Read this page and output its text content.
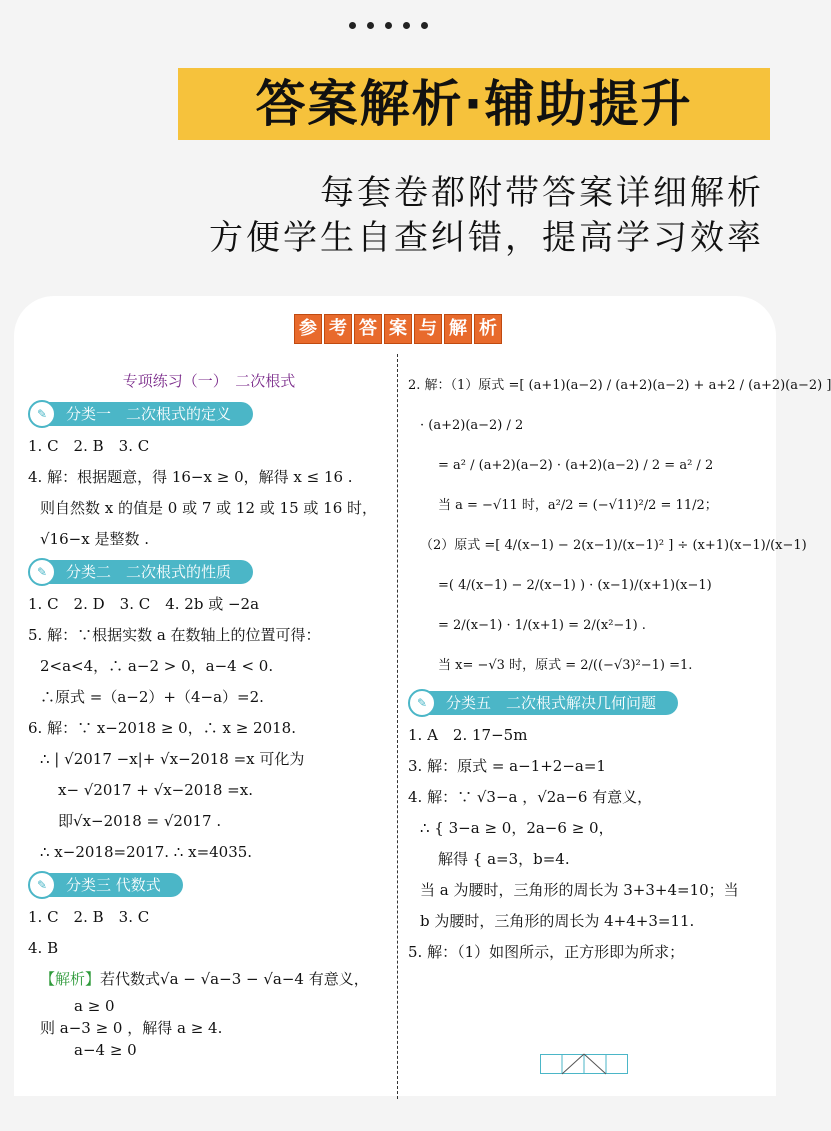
答案解析·辅助提升
每套卷都附带答案详细解析
方便学生自查纠错，提高学习效率
参 考 答 案 与 解 析
专项练习（一）　二次根式
✎	分类一　二次根式的定义
1. C　2. B　3. C
4. 解：根据题意，得 16−x ≥ 0，解得 x ≤ 16 .
则自然数 x 的值是 0 或 7 或 12 或 15 或 16 时，
√16−x 是整数 .
✎	分类二　二次根式的性质
1. C　2. D　3. C　4. 2b 或 −2a
5. 解：∵根据实数 a 在数轴上的位置可得：
2<a<4，∴ a−2 > 0，a−4 < 0.
∴原式 =（a−2）+（4−a）=2.
6. 解：∵ x−2018 ≥ 0，∴ x ≥ 2018.
∴ | √2017 −x|+ √x−2018 =x 可化为
x− √2017 + √x−2018 =x.
即√x−2018 = √2017 .
∴ x−2018=2017. ∴ x=4035.
✎	分类三 代数式
1. C　2. B　3. C
4. B
【解析】若代数式√a − √a−3 − √a−4 有意义，
a ≥ 0
则 a−3 ≥ 0 ，解得 a ≥ 4.
a−4 ≥ 0
2. 解：（1）原式 =[ (a+1)(a−2) / (a+2)(a−2) + a+2 / (a+2)(a−2) ]
· (a+2)(a−2) / 2
= a² / (a+2)(a−2) · (a+2)(a−2) / 2 = a² / 2
当 a = −√11 时，a²/2 = (−√11)²/2 = 11/2；
（2）原式 =[ 4/(x−1) − 2(x−1)/(x−1)² ] ÷ (x+1)(x−1)/(x−1)
=( 4/(x−1) − 2/(x−1) ) · (x−1)/(x+1)(x−1)
= 2/(x−1) · 1/(x+1) = 2/(x²−1) .
当 x= −√3 时，原式 = 2/((−√3)²−1) =1.
✎	分类五　二次根式解决几何问题
1. A　2. 17−5m
3. 解：原式 = a−1+2−a=1
4. 解：∵ √3−a ，√2a−6 有意义，
∴ { 3−a ≥ 0，2a−6 ≥ 0，
解得 { a=3，b=4.
当 a 为腰时，三角形的周长为 3+3+4=10；当
b 为腰时，三角形的周长为 4+4+3=11.
5. 解：（1）如图所示，正方形即为所求；
